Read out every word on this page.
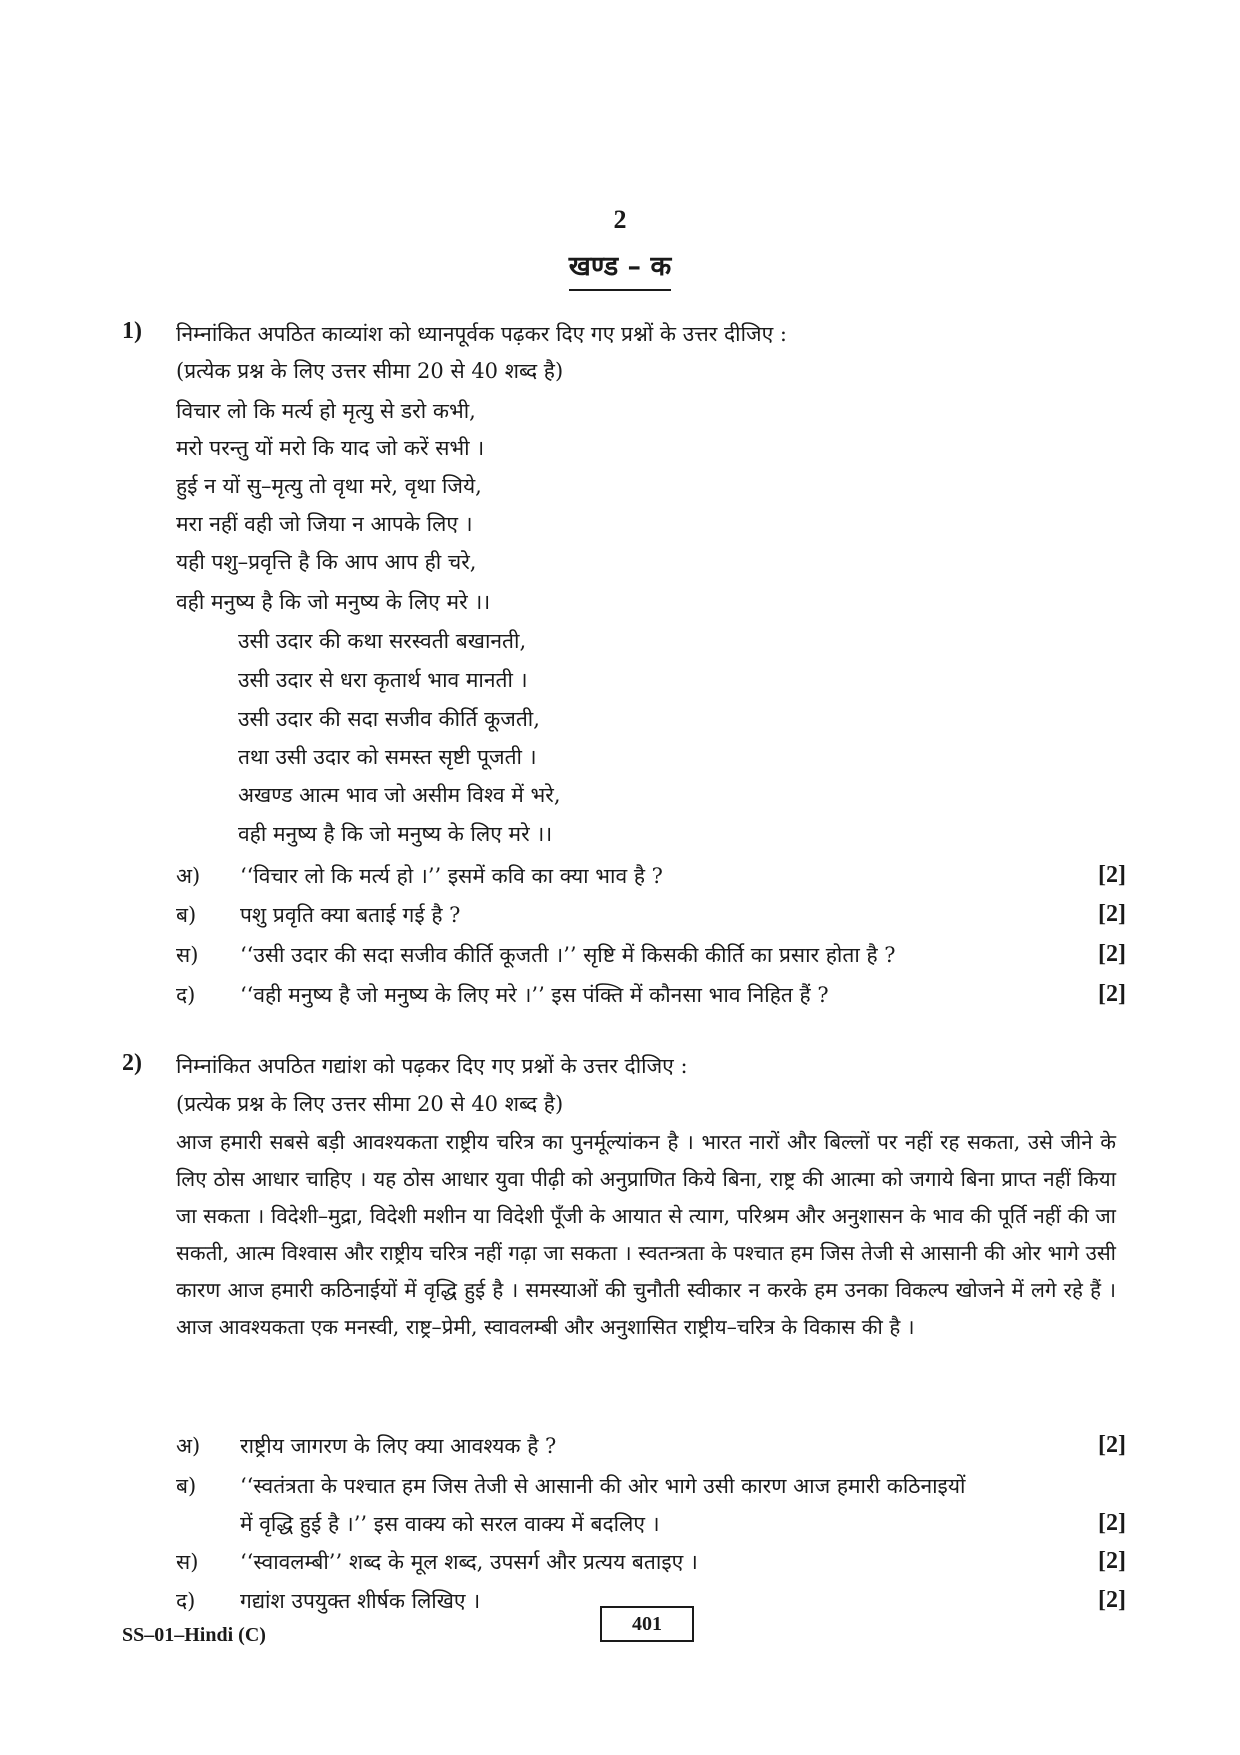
2
खण्ड – क
1) निम्नांकित अपठित काव्यांश को ध्यानपूर्वक पढ़कर दिए गए प्रश्नों के उत्तर दीजिए :
(प्रत्येक प्रश्न के लिए उत्तर सीमा 20 से 40 शब्द है)
विचार लो कि मर्त्य हो मृत्यु से डरो कभी,
मरो परन्तु यों मरो कि याद जो करें सभी ।
हुई न यों सु–मृत्यु तो वृथा मरे, वृथा जिये,
मरा नहीं वही जो जिया न आपके लिए ।
यही पशु–प्रवृत्ति है कि आप आप ही चरे,
वही मनुष्य है कि जो मनुष्य के लिए मरे ।।
उसी उदार की कथा सरस्वती बखानती,
उसी उदार से धरा कृतार्थ भाव मानती ।
उसी उदार की सदा सजीव कीर्ति कूजती,
तथा उसी उदार को समस्त सृष्टी पूजती ।
अखण्ड आत्म भाव जो असीम विश्व में भरे,
वही मनुष्य है कि जो मनुष्य के लिए मरे ।।
अ) ‘‘विचार लो कि मर्त्य हो ।’’ इसमें कवि का क्या भाव है ?	[2]
ब) पशु प्रवृति क्या बताई गई है ?	[2]
स) ‘‘उसी उदार की सदा सजीव कीर्ति कूजती ।’’ सृष्टि में किसकी कीर्ति का प्रसार होता है ?	[2]
द) ‘‘वही मनुष्य है जो मनुष्य के लिए मरे ।’’ इस पंक्ति में कौनसा भाव निहित हैं ?	[2]
2) निम्नांकित अपठित गद्यांश को पढ़कर दिए गए प्रश्नों के उत्तर दीजिए :
(प्रत्येक प्रश्न के लिए उत्तर सीमा 20 से 40 शब्द है)
आज हमारी सबसे बड़ी आवश्यकता राष्ट्रीय चरित्र का पुनर्मूल्यांकन है । भारत नारों और बिल्लों पर नहीं रह सकता, उसे जीने के लिए ठोस आधार चाहिए । यह ठोस आधार युवा पीढ़ी को अनुप्राणित किये बिना, राष्ट्र की आत्मा को जगाये बिना प्राप्त नहीं किया जा सकता । विदेशी–मुद्रा, विदेशी मशीन या विदेशी पूँजी के आयात से त्याग, परिश्रम और अनुशासन के भाव की पूर्ति नहीं की जा सकती, आत्म विश्वास और राष्ट्रीय चरित्र नहीं गढ़ा जा सकता । स्वतन्त्रता के पश्चात हम जिस तेजी से आसानी की ओर भागे उसी कारण आज हमारी कठिनाईयों में वृद्धि हुई है । समस्याओं की चुनौती स्वीकार न करके हम उनका विकल्प खोजने में लगे रहे हैं । आज आवश्यकता एक मनस्वी, राष्ट्र–प्रेमी, स्वावलम्बी और अनुशासित राष्ट्रीय–चरित्र के विकास की है ।
अ) राष्ट्रीय जागरण के लिए क्या आवश्यक है ?	[2]
ब) ‘‘स्वतंत्रता के पश्चात हम जिस तेजी से आसानी की ओर भागे उसी कारण आज हमारी कठिनाइयों
में वृद्धि हुई है ।’’ इस वाक्य को सरल वाक्य में बदलिए ।	[2]
स) ‘‘स्वावलम्बी’’ शब्द के मूल शब्द, उपसर्ग और प्रत्यय बताइए ।	[2]
द) गद्यांश उपयुक्त शीर्षक लिखिए ।	[2]
SS–01–Hindi (C)	401
